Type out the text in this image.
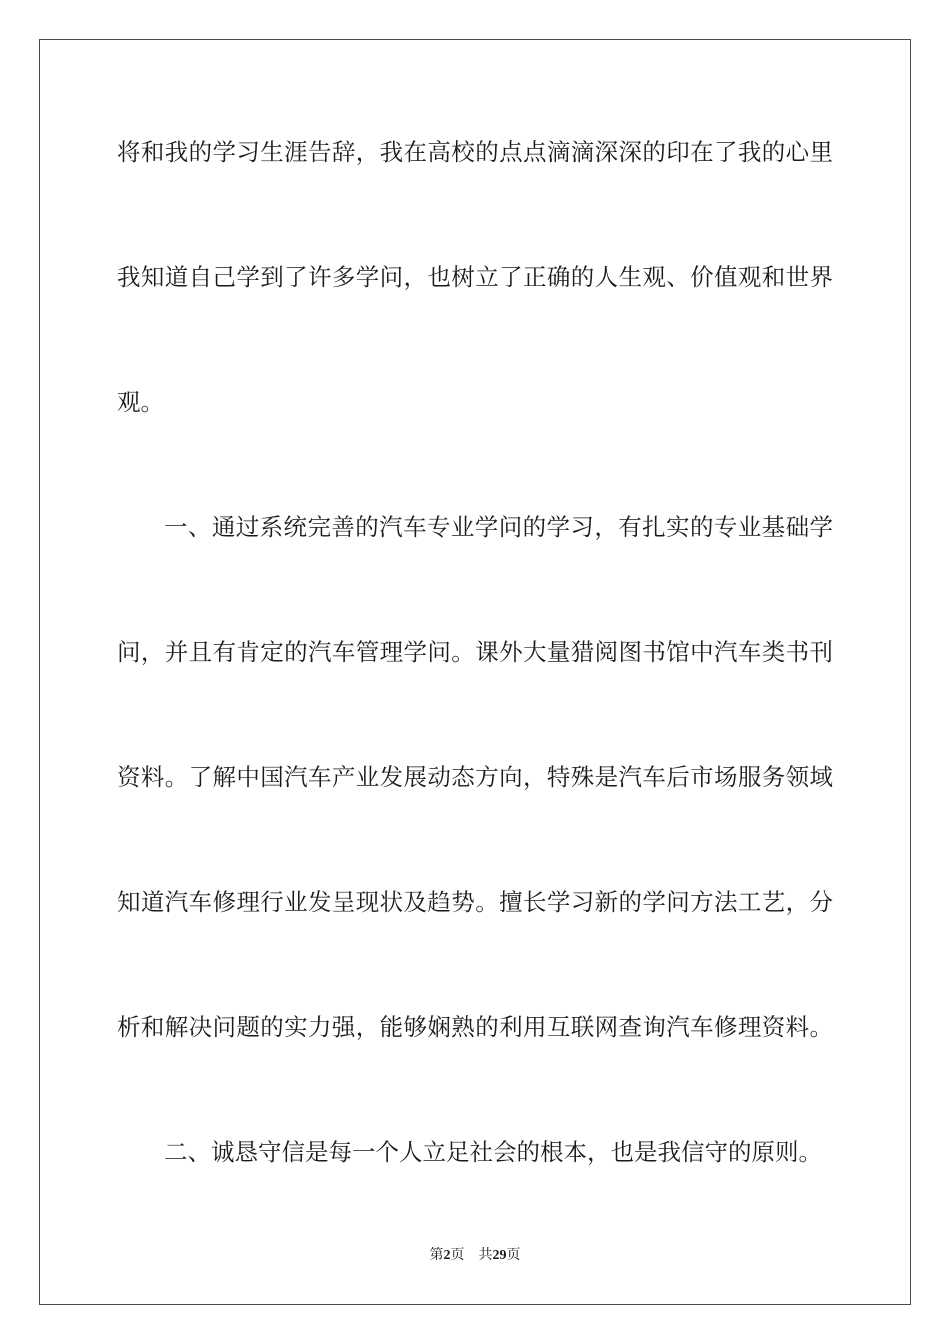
将和我的学习生涯告辞，我在高校的点点滴滴深深的印在了我的心里
我知道自己学到了许多学问，也树立了正确的人生观、价值观和世界
观。
一、通过系统完善的汽车专业学问的学习，有扎实的专业基础学
问，并且有肯定的汽车管理学问。课外大量猎阅图书馆中汽车类书刊
资料。了解中国汽车产业发展动态方向，特殊是汽车后市场服务领域
知道汽车修理行业发呈现状及趋势。擅长学习新的学问方法工艺，分
析和解决问题的实力强，能够娴熟的利用互联网查询汽车修理资料。
二、诚恳守信是每一个人立足社会的根本，也是我信守的原则。
第2页 共29页
